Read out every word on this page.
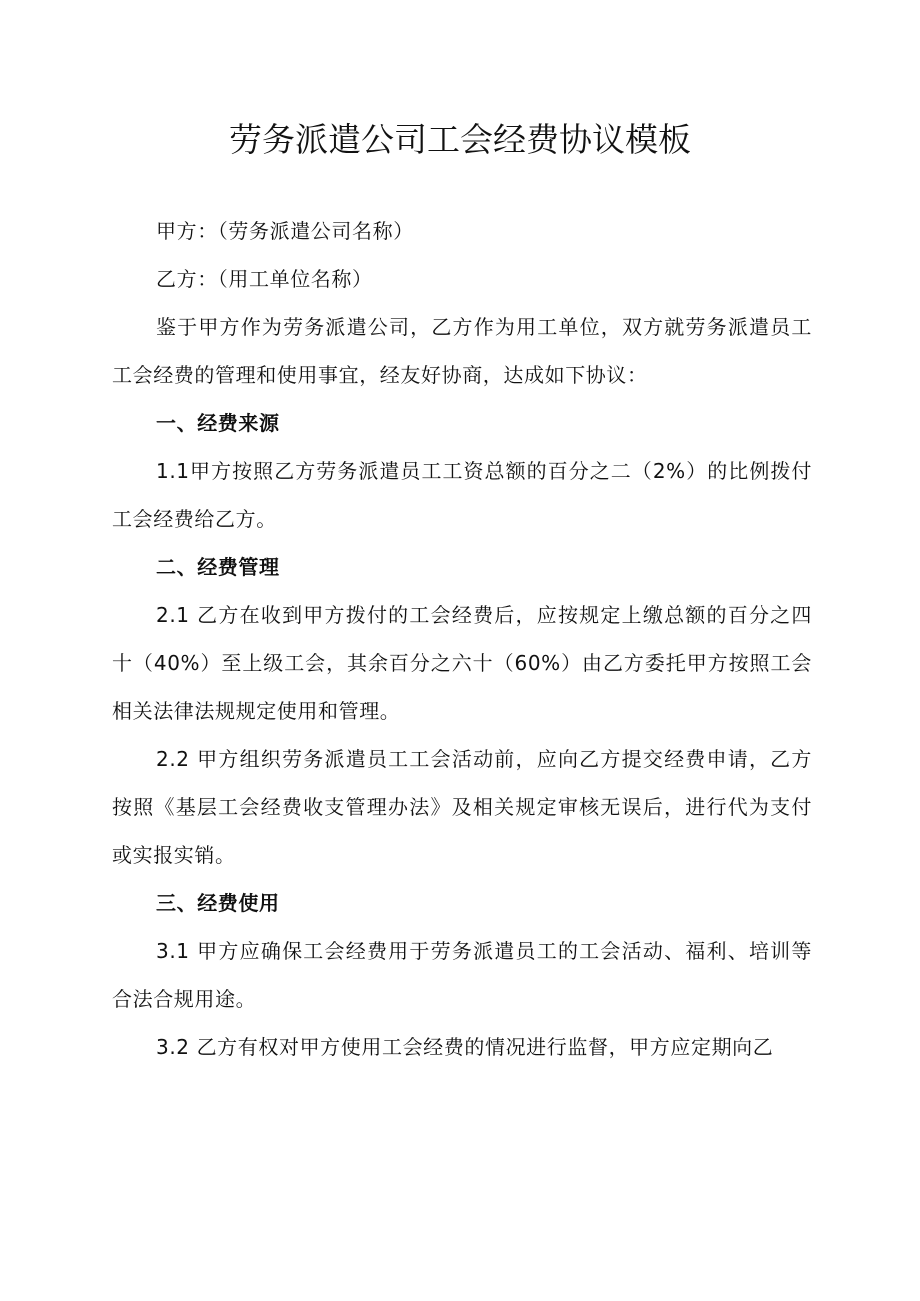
劳务派遣公司工会经费协议模板

甲方：（劳务派遣公司名称）

乙方：（用工单位名称）

鉴于甲方作为劳务派遣公司，乙方作为用工单位，双方就劳务派遣员工工会经费的管理和使用事宜，经友好协商，达成如下协议：

一、经费来源

1.1甲方按照乙方劳务派遣员工工资总额的百分之二（2%）的比例拨付工会经费给乙方。

二、经费管理

2.1 乙方在收到甲方拨付的工会经费后，应按规定上缴总额的百分之四十（40%）至上级工会，其余百分之六十（60%）由乙方委托甲方按照工会相关法律法规规定使用和管理。

2.2 甲方组织劳务派遣员工工会活动前，应向乙方提交经费申请，乙方按照《基层工会经费收支管理办法》及相关规定审核无误后，进行代为支付或实报实销。

三、经费使用

3.1 甲方应确保工会经费用于劳务派遣员工的工会活动、福利、培训等合法合规用途。

3.2 乙方有权对甲方使用工会经费的情况进行监督，甲方应定期向乙
